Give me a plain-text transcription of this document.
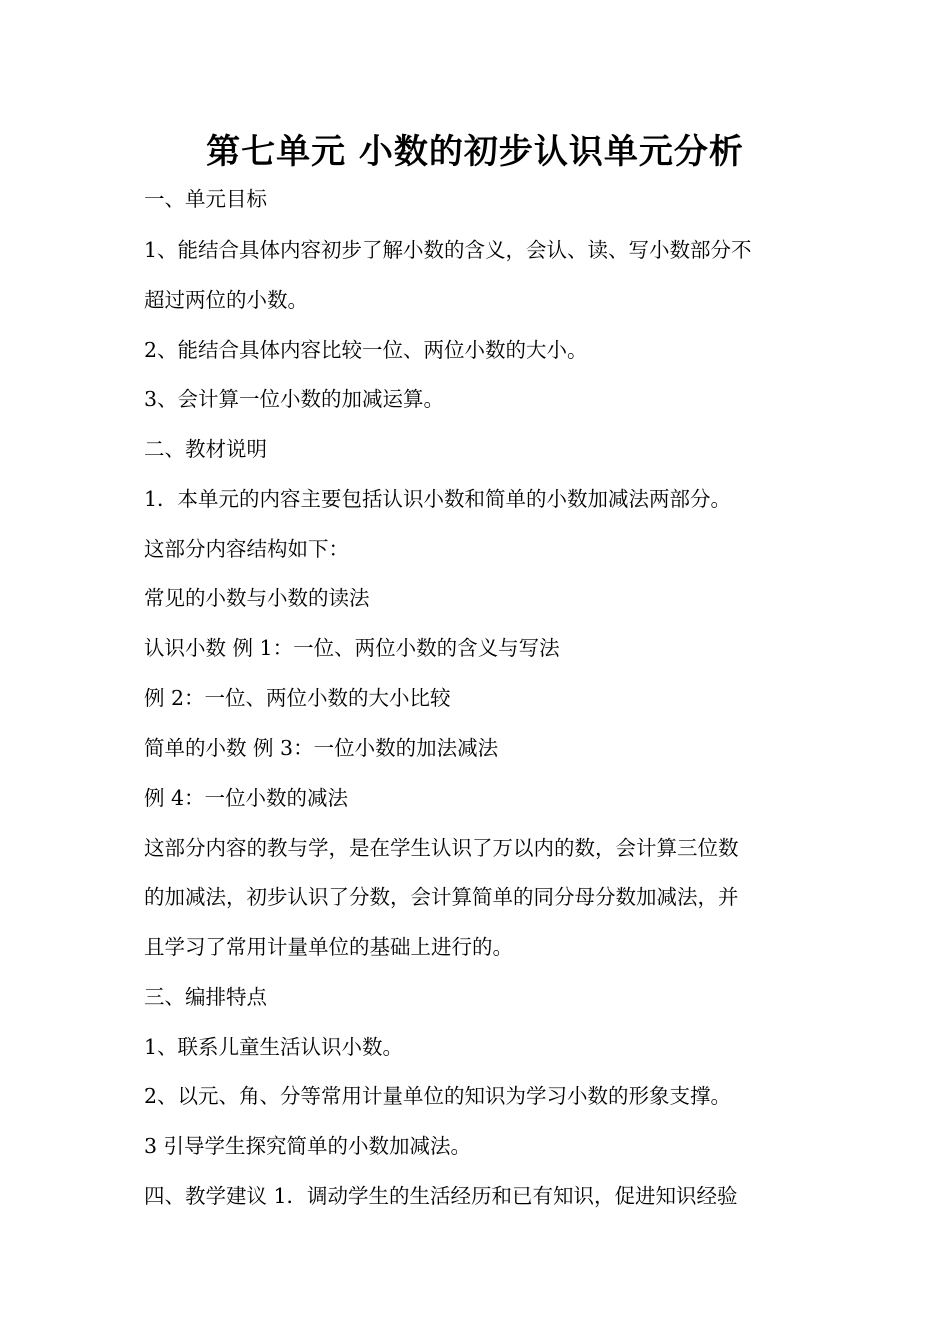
第七单元 小数的初步认识单元分析
一、单元目标
1、能结合具体内容初步了解小数的含义，会认、读、写小数部分不
超过两位的小数。
2、能结合具体内容比较一位、两位小数的大小。
3、会计算一位小数的加减运算。
二、教材说明
1．本单元的内容主要包括认识小数和简单的小数加减法两部分。
这部分内容结构如下：
常见的小数与小数的读法
认识小数 例 1：一位、两位小数的含义与写法
例 2：一位、两位小数的大小比较
简单的小数 例 3：一位小数的加法减法
例 4：一位小数的减法
这部分内容的教与学，是在学生认识了万以内的数，会计算三位数
的加减法，初步认识了分数，会计算简单的同分母分数加减法，并
且学习了常用计量单位的基础上进行的。
三、编排特点
1、联系儿童生活认识小数。
2、以元、角、分等常用计量单位的知识为学习小数的形象支撑。
3 引导学生探究简单的小数加减法。
四、教学建议 1．调动学生的生活经历和已有知识，促进知识经验
